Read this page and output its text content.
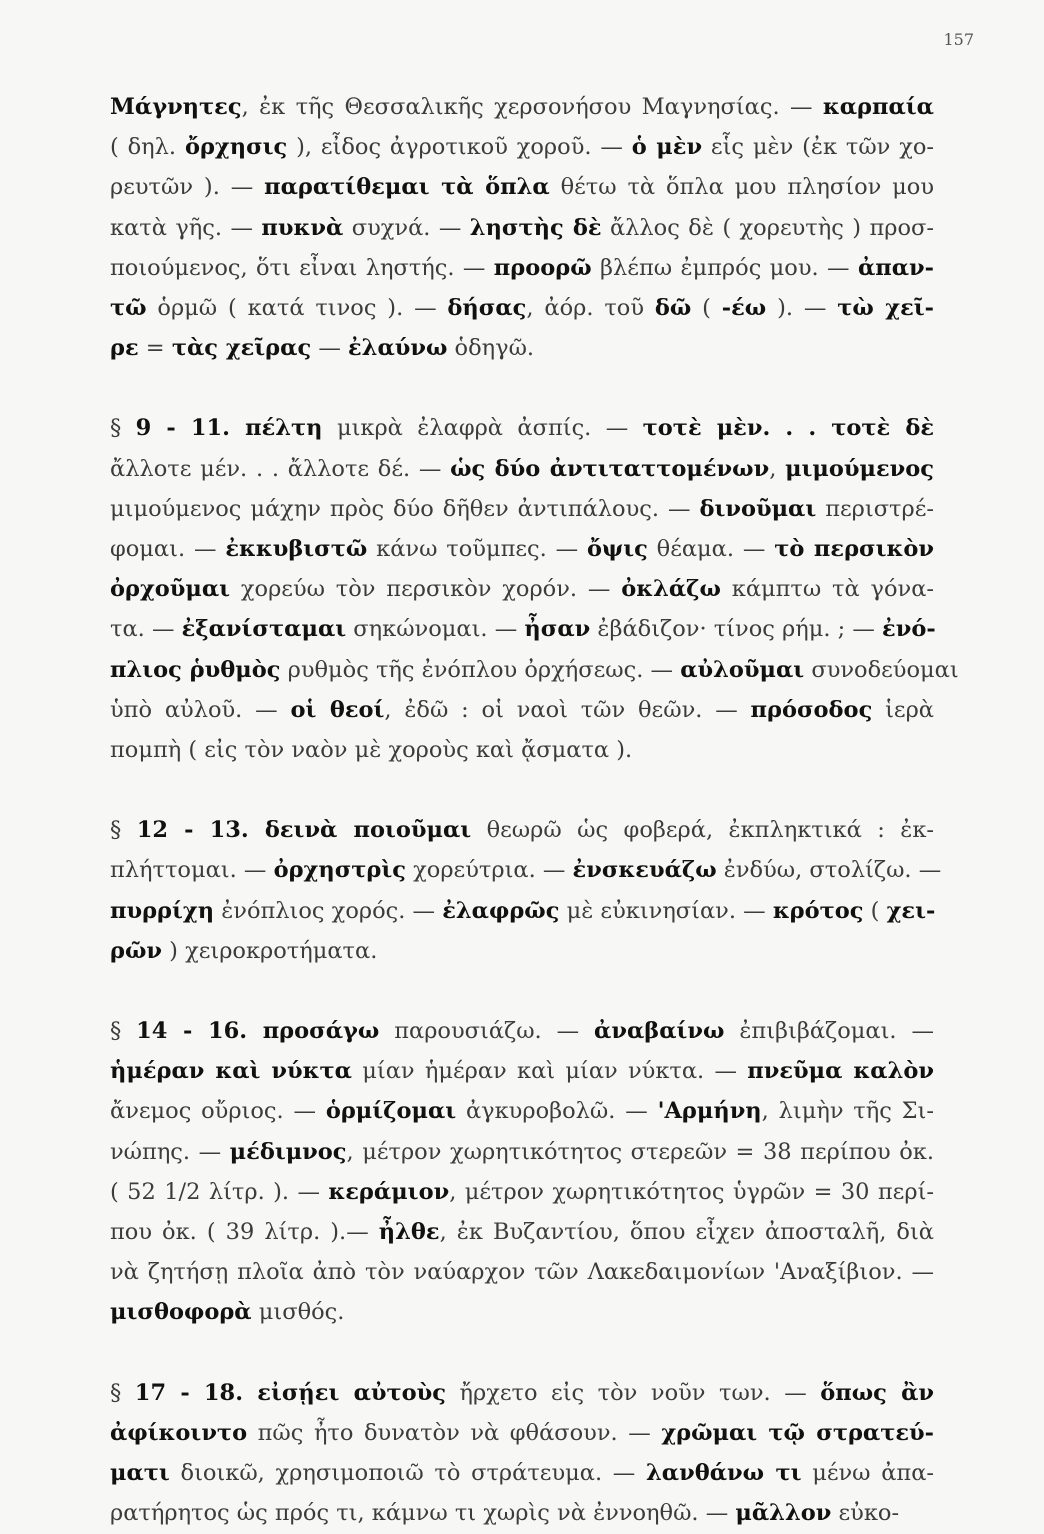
157

Μάγνητες, ἐκ τῆς Θεσσαλικῆς χερσονήσου Μαγνησίας. — καρπαία
( δηλ. ὄρχησις ), εἶδος ἀγροτικοῦ χοροῦ. — ὁ μὲν εἷς μὲν (ἐκ τῶν χο-
ρευτῶν ). — παρατίθεμαι τὰ ὅπλα θέτω τὰ ὅπλα μου πλησίον μου
κατὰ γῆς. — πυκνὰ συχνά. — ληστὴς δὲ ἄλλος δὲ ( χορευτὴς ) προσ-
ποιούμενος, ὅτι εἶναι ληστής. — προορῶ βλέπω ἐμπρός μου. — ἀπαν-
τῶ ὁρμῶ ( κατά τινος ). — δήσας, ἀόρ. τοῦ δῶ ( -έω ). — τὼ χεῖ-
ρε = τὰς χεῖρας — ἐλαύνω ὁδηγῶ.

§ 9 - 11. πέλτη μικρὰ ἐλαφρὰ ἀσπίς. — τοτὲ μὲν. . . τοτὲ δὲ
ἄλλοτε μέν. . . ἄλλοτε δέ. — ὡς δύο ἀντιταττομένων, μιμούμενος
μιμούμενος μάχην πρὸς δύο δῆθεν ἀντιπάλους. — δινοῦμαι περιστρέ-
φομαι. — ἐκκυβιστῶ κάνω τοῦμπες. — ὄψις θέαμα. — τὸ περσικὸν
ὀρχοῦμαι χορεύω τὸν περσικὸν χορόν. — ὀκλάζω κάμπτω τὰ γόνα-
τα. — ἐξανίσταμαι σηκώνομαι. — ἦσαν ἐβάδιζον· τίνος ρήμ. ; — ἐνό-
πλιος ῥυθμὸς ρυθμὸς τῆς ἐνόπλου ὀρχήσεως. — αὐλοῦμαι συνοδεύομαι
ὑπὸ αὐλοῦ. — οἱ θεοί, ἐδῶ : οἱ ναοὶ τῶν θεῶν. — πρόσοδος ἱερὰ
πομπὴ ( εἰς τὸν ναὸν μὲ χοροὺς καὶ ᾄσματα ).

§ 12 - 13. δεινὰ ποιοῦμαι θεωρῶ ὡς φοβερά, ἐκπληκτικά : ἐκ-
πλήττομαι. — ὀρχηστρὶς χορεύτρια. — ἐνσκευάζω ἐνδύω, στολίζω. —
πυρρίχη ἐνόπλιος χορός. — ἐλαφρῶς μὲ εὐκινησίαν. — κρότος ( χει-
ρῶν ) χειροκροτήματα.

§ 14 - 16. προσάγω παρουσιάζω. — ἀναβαίνω ἐπιβιβάζομαι. —
ἡμέραν καὶ νύκτα μίαν ἡμέραν καὶ μίαν νύκτα. — πνεῦμα καλὸν
ἄνεμος οὔριος. — ὁρμίζομαι ἀγκυροβολῶ. — 'Αρμήνη, λιμὴν τῆς Σι-
νώπης. — μέδιμνος, μέτρον χωρητικότητος στερεῶν = 38 περίπου ὀκ.
( 52 1/2 λίτρ. ). — κεράμιον, μέτρον χωρητικότητος ὑγρῶν = 30 περί-
που ὀκ. ( 39 λίτρ. ).— ἦλθε, ἐκ Βυζαντίου, ὅπου εἶχεν ἀποσταλῆ, διὰ
νὰ ζητήσῃ πλοῖα ἀπὸ τὸν ναύαρχον τῶν Λακεδαιμονίων 'Αναξίβιον. —
μισθοφορὰ μισθός.

§ 17 - 18. εἰσῄει αὐτοὺς ἤρχετο εἰς τὸν νοῦν των. — ὅπως ἂν
ἀφίκοιντο πῶς ἦτο δυνατὸν νὰ φθάσουν. — χρῶμαι τῷ στρατεύ-
ματι διοικῶ, χρησιμοποιῶ τὸ στράτευμα. — λανθάνω τι μένω ἀπα-
ρατήρητος ὡς πρός τι, κάμνω τι χωρὶς νὰ ἐννοηθῶ. — μᾶλλον εὐκο-
